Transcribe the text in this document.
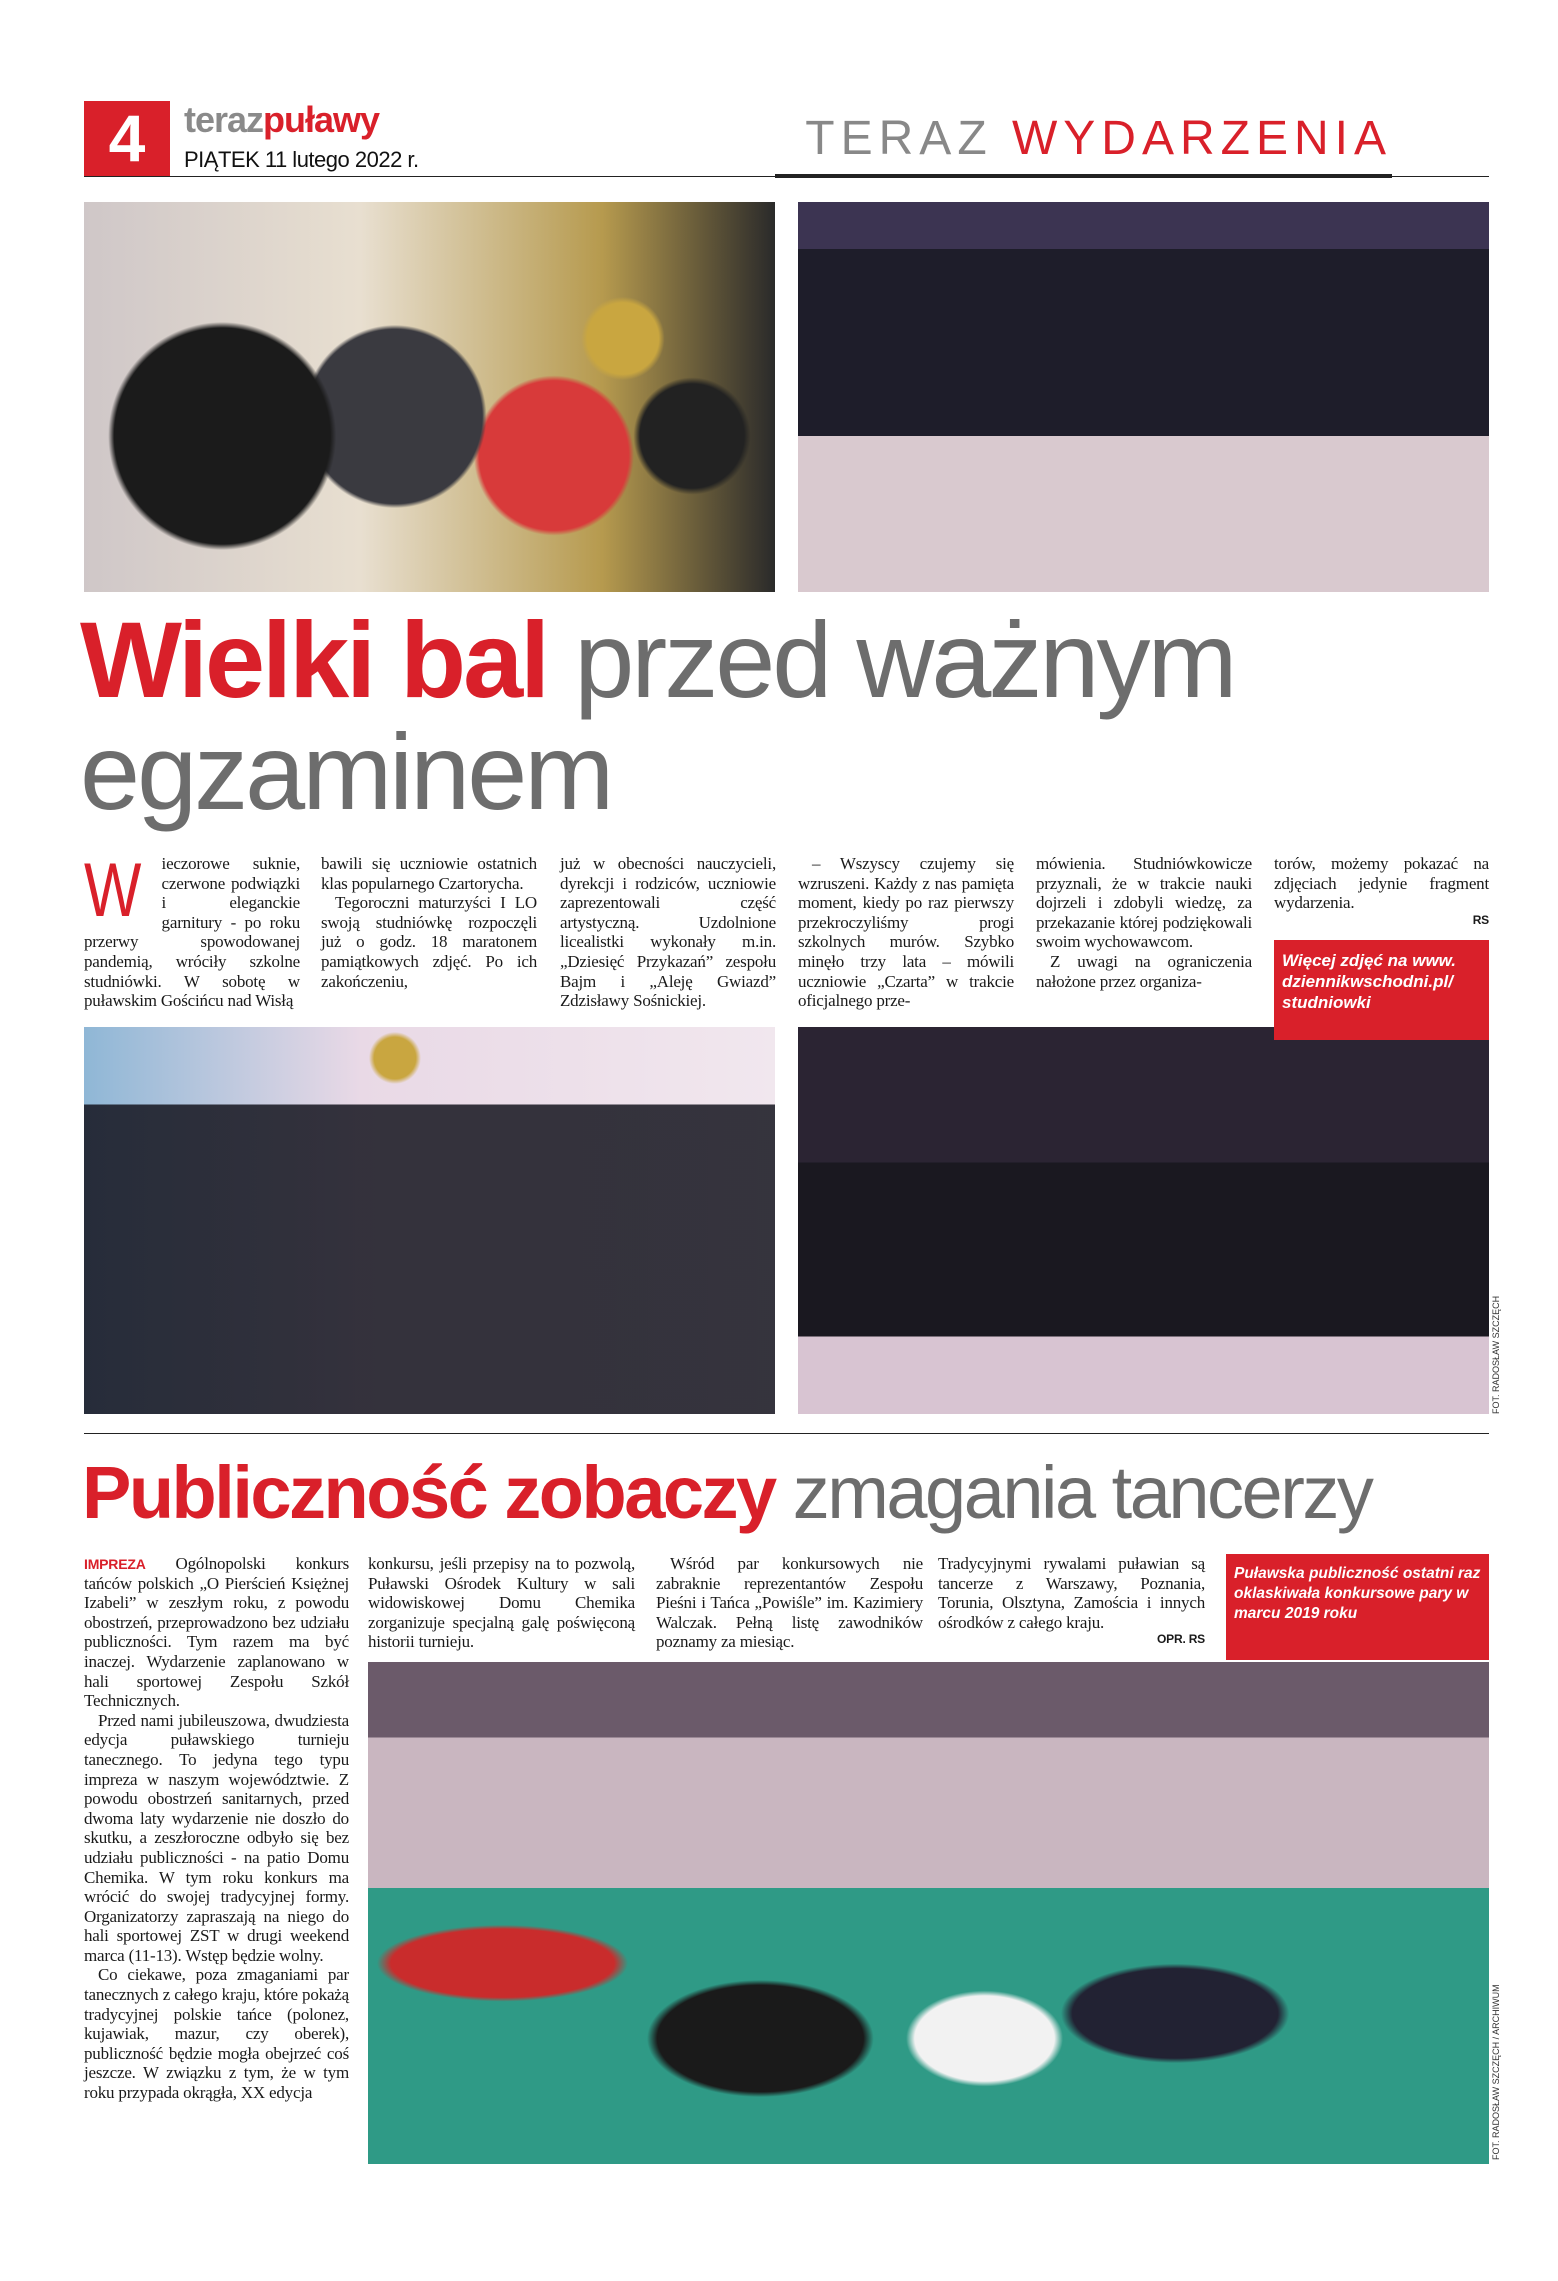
4	terazpuławy
PIĄTEK 11 lutego 2022 r.	TERAZ WYDARZENIA
Wielki bal przed ważnym
egzaminem
W ieczorowe suknie, czerwone podwiązki i eleganckie garnitury - po roku przerwy spowodowanej pandemią, wróciły szkolne studniówki. W sobotę w puławskim Gościńcu nad Wisłą

bawili się uczniowie ostatnich klas popularnego Czartorycha.

Tegoroczni maturzyści I LO swoją studniówkę rozpoczęli już o godz. 18 maratonem pamiątkowych zdjęć. Po ich zakończeniu,

już w obecności nauczycieli, dyrekcji i rodziców, uczniowie zaprezentowali część artystyczną. Uzdolnione licealistki wykonały m.in. „Dziesięć Przykazań” zespołu Bajm i „Aleję Gwiazd” Zdzisławy Sośnickiej.

– Wszyscy czujemy się wzruszeni. Każdy z nas pamięta moment, kiedy po raz pierwszy przekroczyliśmy progi szkolnych murów. Szybko minęło trzy lata – mówili uczniowie „Czarta” w trakcie oficjalnego prze-

mówienia. Studniówkowicze przyznali, że w trakcie nauki dojrzeli i zdobyli wiedzę, za przekazanie której podziękowali swoim wychowawcom.

Z uwagi na ograniczenia nałożone przez organiza-

torów, możemy pokazać na zdjęciach jedynie fragment wydarzenia.

RS
Więcej zdjęć na www. dziennikwschodni.pl/ studniowki
FOT. RADOSŁAW SZCZĘCH
Publiczność zobaczy zmagania tancerzy

IMPREZA Ogólnopolski konkurs tańców polskich „O Pierścień Księżnej Izabeli” w zeszłym roku, z powodu obostrzeń, przeprowadzono bez udziału publiczności. Tym razem ma być inaczej. Wydarzenie zaplanowano w hali sportowej Zespołu Szkół Technicznych.

Przed nami jubileuszowa, dwudziesta edycja puławskiego turnieju tanecznego. To jedyna tego typu impreza w naszym województwie. Z powodu obostrzeń sanitarnych, przed dwoma laty wydarzenie nie doszło do skutku, a zeszłoroczne odbyło się bez udziału publiczności - na patio Domu Chemika. W tym roku konkurs ma wrócić do swojej tradycyjnej formy. Organizatorzy zapraszają na niego do hali sportowej ZST w drugi weekend marca (11-13). Wstęp będzie wolny.

Co ciekawe, poza zmaganiami par tanecznych z całego kraju, które pokażą tradycyjnej polskie tańce (polonez, kujawiak, mazur, czy oberek), publiczność będzie mogła obejrzeć coś jeszcze. W związku z tym, że w tym roku przypada okrągła, XX edycja

konkursu, jeśli przepisy na to pozwolą, Puławski Ośrodek Kultury w sali widowiskowej Domu Chemika zorganizuje specjalną galę poświęconą historii turnieju.

Wśród par konkursowych nie zabraknie reprezentantów Zespołu Pieśni i Tańca „Powiśle” im. Kazimiery Walczak. Pełną listę zawodników poznamy za miesiąc.

Tradycyjnymi rywalami puławian są tancerze z Warszawy, Poznania, Torunia, Olsztyna, Zamościa i innych ośrodków z całego kraju.

OPR. RS
Puławska publiczność ostatni raz oklaskiwała konkursowe pary w marcu 2019 roku
FOT. RADOSŁAW SZCZĘCH / ARCHIWUM
